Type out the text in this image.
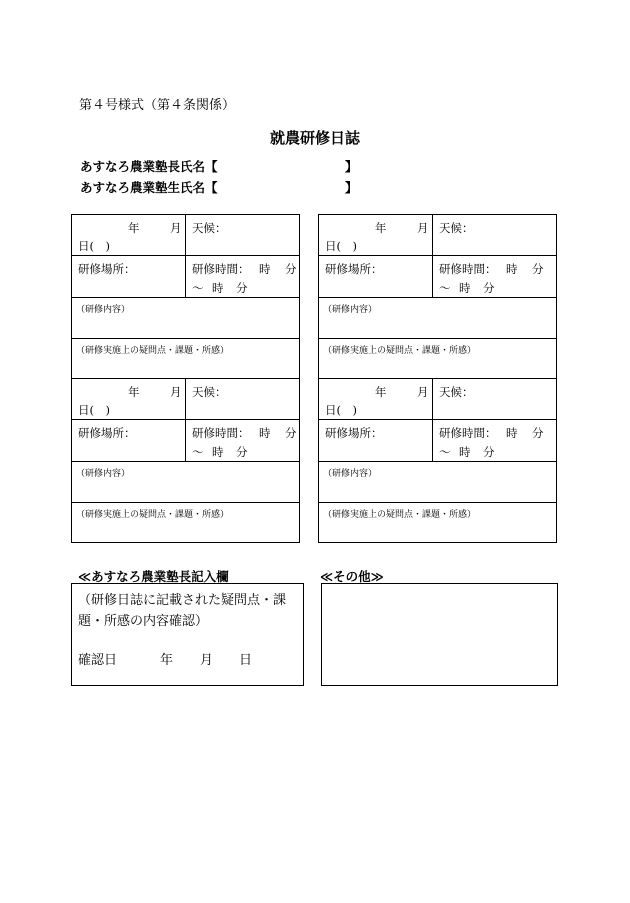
第４号様式（第４条関係）
就農研修日誌
あすなろ農業塾長氏名【	】
あすなろ農業塾生氏名【	】
年	月
日(　)
天候：
研修場所：	研修時間： 時 分
～ 時 分
（研修内容）
（研修実施上の疑問点・課題・所感）
年	月
日(　)
天候：
研修場所：	研修時間： 時 分
～ 時 分
（研修内容）
（研修実施上の疑問点・課題・所感）
年	月
日(　)
天候：
研修場所：	研修時間： 時 分
～ 時 分
（研修内容）
（研修実施上の疑問点・課題・所感）
年	月
日(　)
天候：
研修場所：	研修時間： 時 分
～ 時 分
（研修内容）
（研修実施上の疑問点・課題・所感）
≪あすなろ農業塾長記入欄	≪その他≫
（研修日誌に記載された疑問点・課
題・所感の内容確認）
確認日	年 月 日
